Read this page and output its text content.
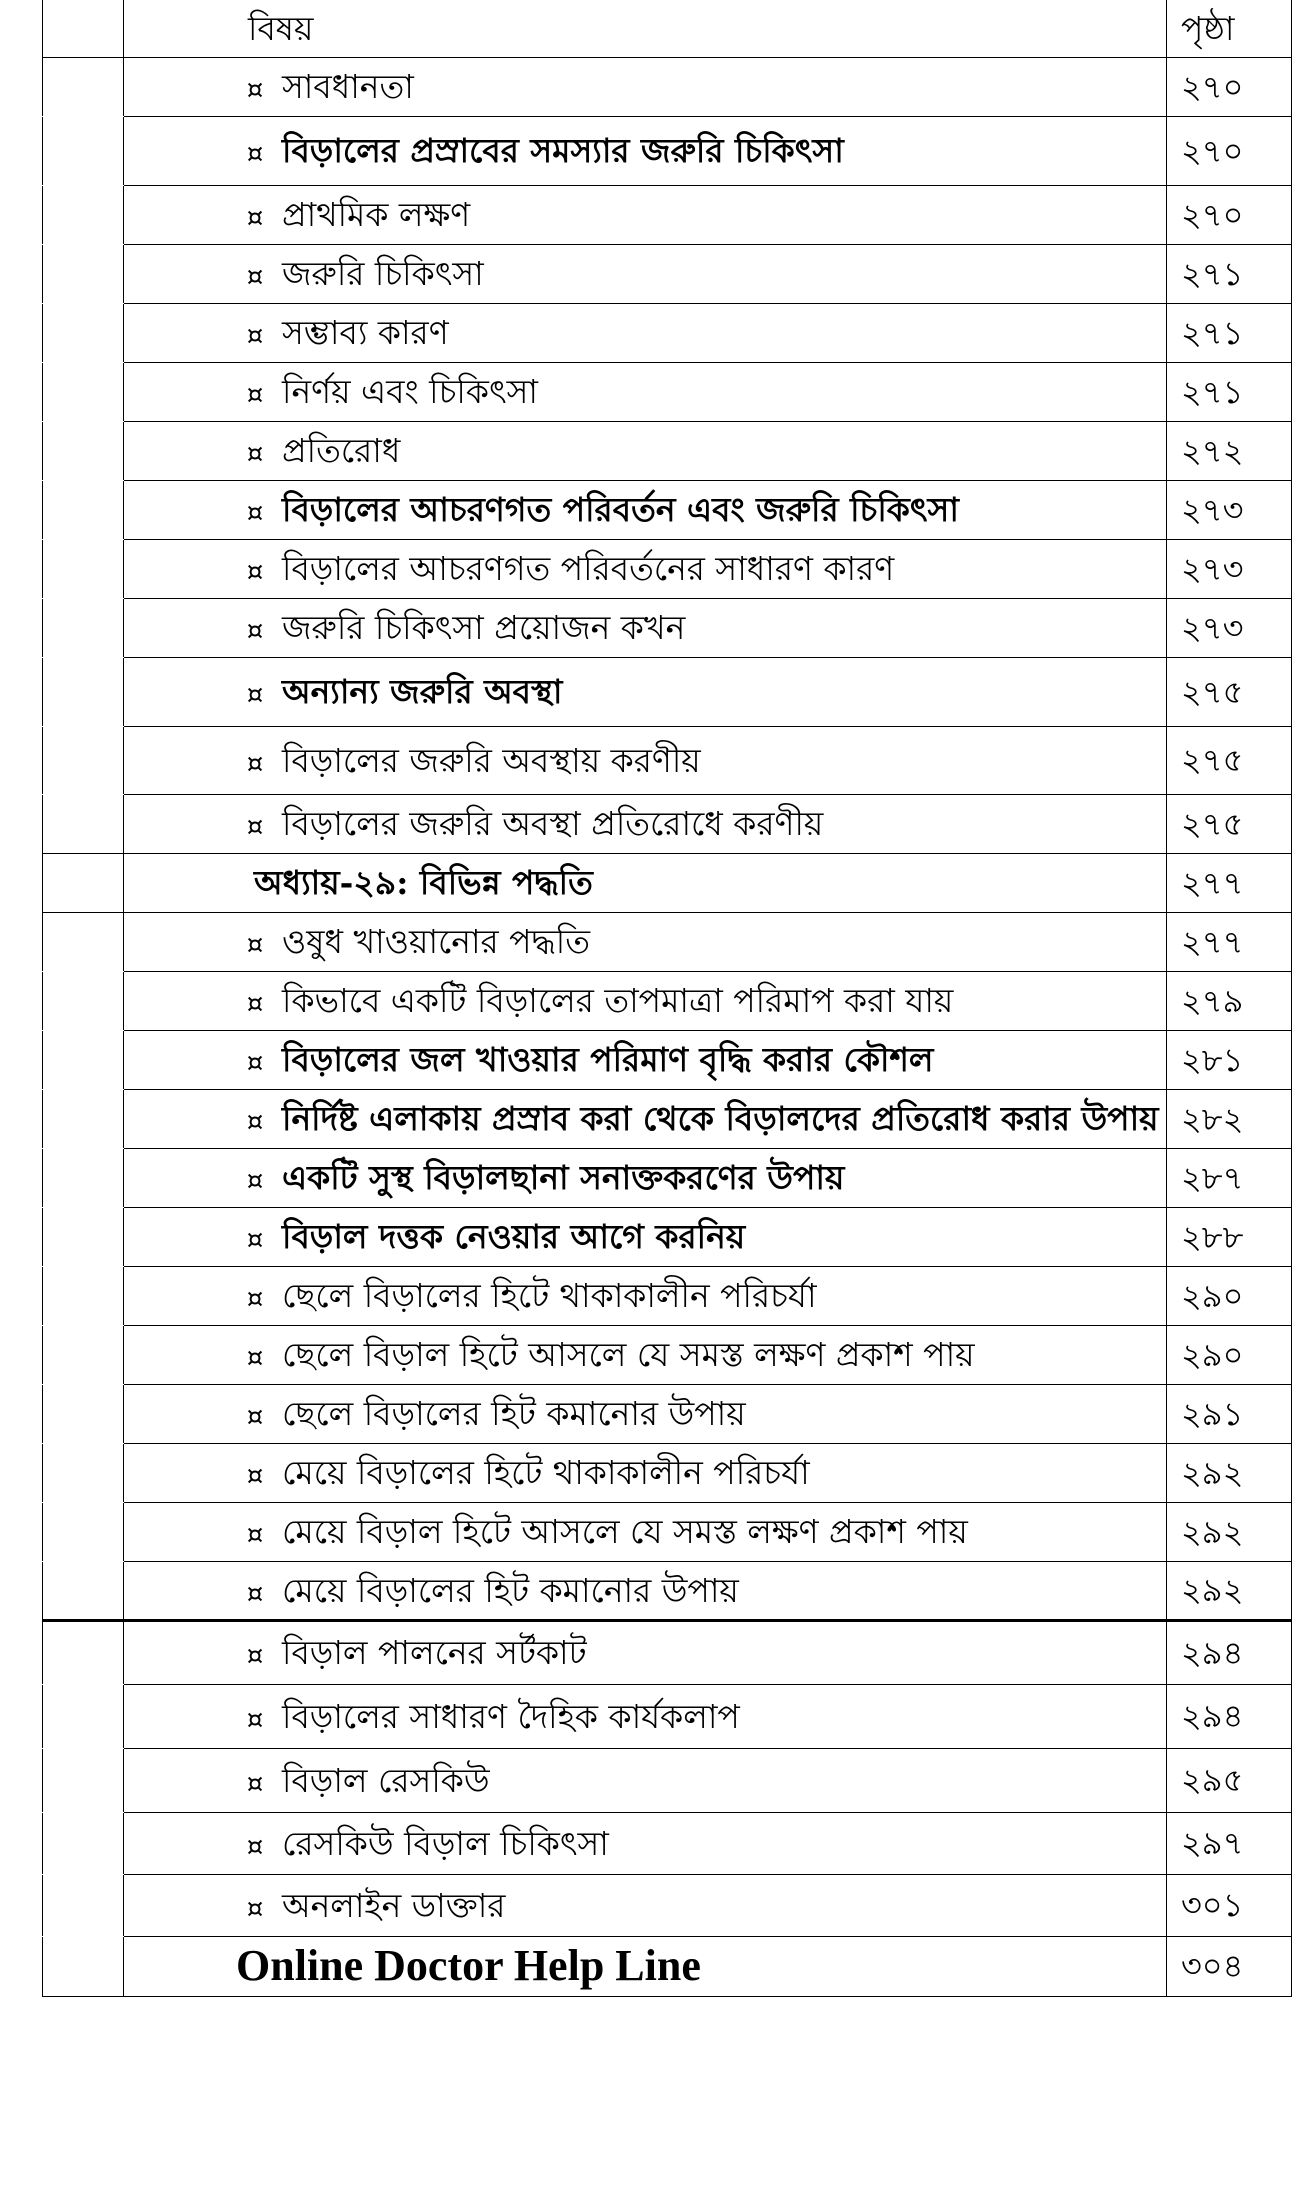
	বিষয়	পৃষ্ঠা
	¤ সাবধানতা	২৭০
	¤ বিড়ালের প্রস্রাবের সমস্যার জরুরি চিকিৎসা	২৭০
	¤ প্রাথমিক লক্ষণ	২৭০
	¤ জরুরি চিকিৎসা	২৭১
	¤ সম্ভাব্য কারণ	২৭১
	¤ নির্ণয় এবং চিকিৎসা	২৭১
	¤ প্রতিরোধ	২৭২
	¤ বিড়ালের আচরণগত পরিবর্তন এবং জরুরি চিকিৎসা	২৭৩
	¤ বিড়ালের আচরণগত পরিবর্তনের সাধারণ কারণ	২৭৩
	¤ জরুরি চিকিৎসা প্রয়োজন কখন	২৭৩
	¤ অন্যান্য জরুরি অবস্থা	২৭৫
	¤ বিড়ালের জরুরি অবস্থায় করণীয়	২৭৫
	¤ বিড়ালের জরুরি অবস্থা প্রতিরোধে করণীয়	২৭৫
	অধ্যায়-২৯: বিভিন্ন পদ্ধতি	২৭৭
	¤ ওষুধ খাওয়ানোর পদ্ধতি	২৭৭
	¤ কিভাবে একটি বিড়ালের তাপমাত্রা পরিমাপ করা যায়	২৭৯
	¤ বিড়ালের জল খাওয়ার পরিমাণ বৃদ্ধি করার কৌশল	২৮১
	¤ নির্দিষ্ট এলাকায় প্রস্রাব করা থেকে বিড়ালদের প্রতিরোধ করার উপায়	২৮২
	¤ একটি সুস্থ বিড়ালছানা সনাক্তকরণের উপায়	২৮৭
	¤ বিড়াল দত্তক নেওয়ার আগে করনিয়	২৮৮
	¤ ছেলে বিড়ালের হিটে থাকাকালীন পরিচর্যা	২৯০
	¤ ছেলে বিড়াল হিটে আসলে যে সমস্ত লক্ষণ প্রকাশ পায়	২৯০
	¤ ছেলে বিড়ালের হিট কমানোর উপায়	২৯১
	¤ মেয়ে বিড়ালের হিটে থাকাকালীন পরিচর্যা	২৯২
	¤ মেয়ে বিড়াল হিটে আসলে যে সমস্ত লক্ষণ প্রকাশ পায়	২৯২
	¤ মেয়ে বিড়ালের হিট কমানোর উপায়	২৯২
	¤ বিড়াল পালনের সর্টকাট	২৯৪
	¤ বিড়ালের সাধারণ দৈহিক কার্যকলাপ	২৯৪
	¤ বিড়াল রেসকিউ	২৯৫
	¤ রেসকিউ বিড়াল চিকিৎসা	২৯৭
	¤ অনলাইন ডাক্তার	৩০১
	Online Doctor Help Line	৩০৪
